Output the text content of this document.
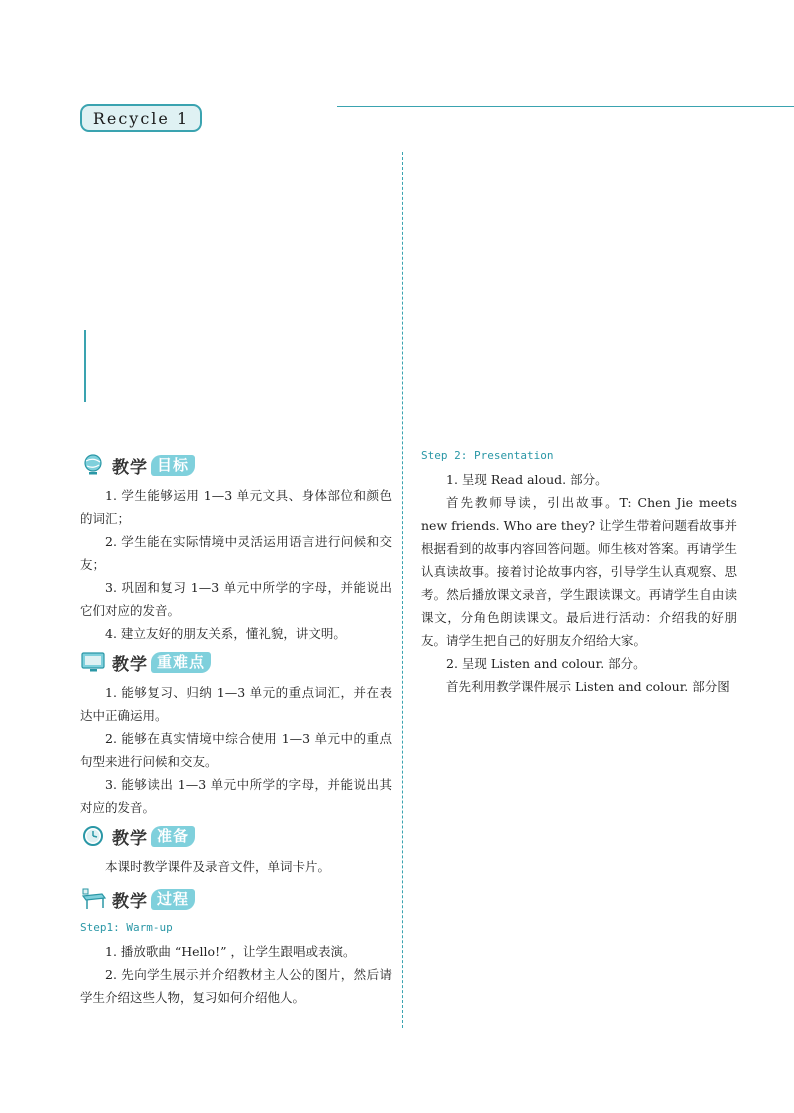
Recycle 1
教学 目标

1. 学生能够运用 1—3 单元文具、身体部位和颜色的词汇；

2. 学生能在实际情境中灵活运用语言进行问候和交友；

3. 巩固和复习 1—3 单元中所学的字母，并能说出它们对应的发音。

4. 建立友好的朋友关系，懂礼貌，讲文明。

教学 重难点

1. 能够复习、归纳 1—3 单元的重点词汇，并在表达中正确运用。

2. 能够在真实情境中综合使用 1—3 单元中的重点句型来进行问候和交友。

3. 能够读出 1—3 单元中所学的字母，并能说出其对应的发音。

教学 准备

本课时教学课件及录音文件，单词卡片。

教学 过程
Step1: Warm-up

1. 播放歌曲 “Hello!” ，让学生跟唱或表演。

2. 先向学生展示并介绍教材主人公的图片，然后请学生介绍这些人物，复习如何介绍他人。

Step 2: Presentation

1. 呈现 Read aloud. 部分。

首先教师导读，引出故事。T: Chen Jie meets new friends. Who are they? 让学生带着问题看故事并根据看到的故事内容回答问题。师生核对答案。再请学生认真读故事。接着讨论故事内容，引导学生认真观察、思考。然后播放课文录音，学生跟读课文。再请学生自由读课文，分角色朗读课文。最后进行活动：介绍我的好朋友。请学生把自己的好朋友介绍给大家。

2. 呈现 Listen and colour. 部分。

首先利用教学课件展示 Listen and colour. 部分图
